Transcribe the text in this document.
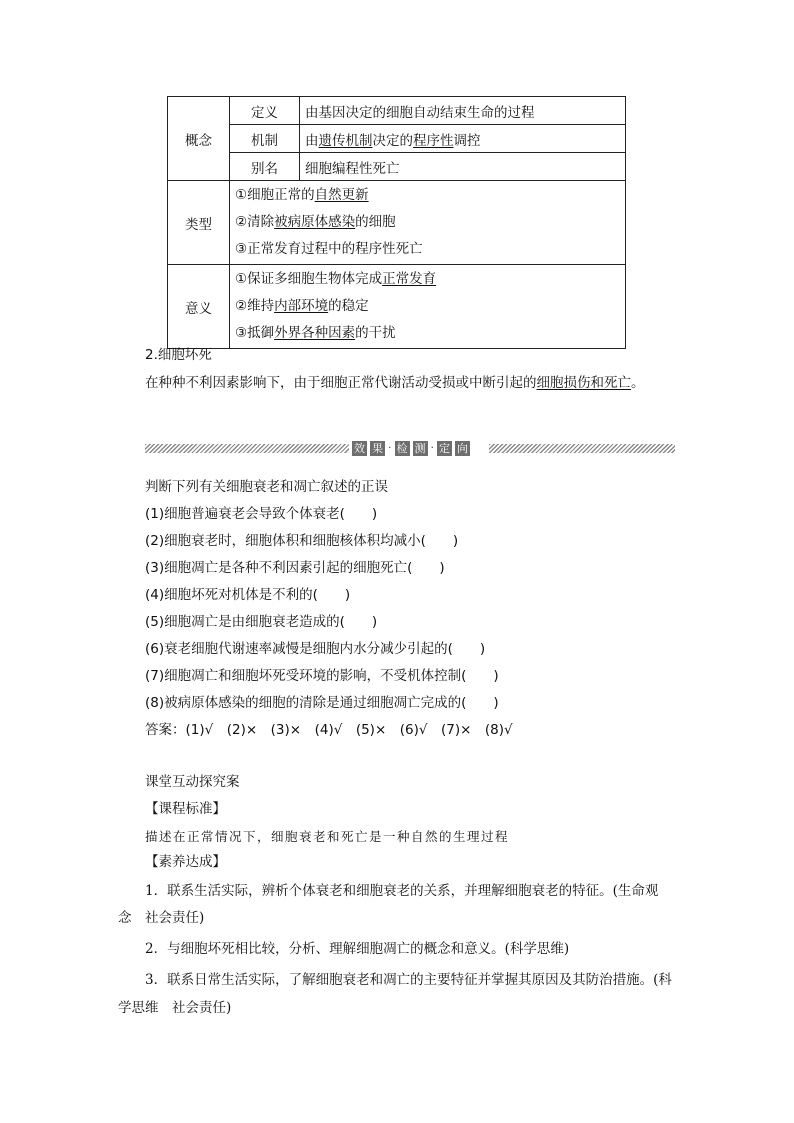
概念	定义	由基因决定的细胞自动结束生命的过程
	机制	由遗传机制决定的程序性调控
	别名	细胞编程性死亡
类型	①细胞正常的自然更新
②清除被病原体感染的细胞
③正常发育过程中的程序性死亡	

意义	①保证多细胞生物体完成正常发育
②维持内部环境的稳定
③抵御外界各种因素的干扰	
2.细胞坏死
在种种不利因素影响下，由于细胞正常代谢活动受损或中断引起的细胞损伤和死亡。
效 果 · 检 测 · 定 向
判断下列有关细胞衰老和凋亡叙述的正误
(1)细胞普遍衰老会导致个体衰老(　　)
(2)细胞衰老时，细胞体积和细胞核体积均减小(　　)
(3)细胞凋亡是各种不利因素引起的细胞死亡(　　)
(4)细胞坏死对机体是不利的(　　)
(5)细胞凋亡是由细胞衰老造成的(　　)
(6)衰老细胞代谢速率减慢是细胞内水分减少引起的(　　)
(7)细胞凋亡和细胞坏死受环境的影响，不受机体控制(　　)
(8)被病原体感染的细胞的清除是通过细胞凋亡完成的(　　)
答案：(1)√　(2)×　(3)×　(4)√　(5)×　(6)√　(7)×　(8)√
课堂互动探究案
【课程标准】
描述在正常情况下，细胞衰老和死亡是一种自然的生理过程
【素养达成】
1．联系生活实际，辨析个体衰老和细胞衰老的关系，并理解细胞衰老的特征。(生命观
念　社会责任)
2．与细胞坏死相比较，分析、理解细胞凋亡的概念和意义。(科学思维)
3．联系日常生活实际，了解细胞衰老和凋亡的主要特征并掌握其原因及其防治措施。(科
学思维　社会责任)
